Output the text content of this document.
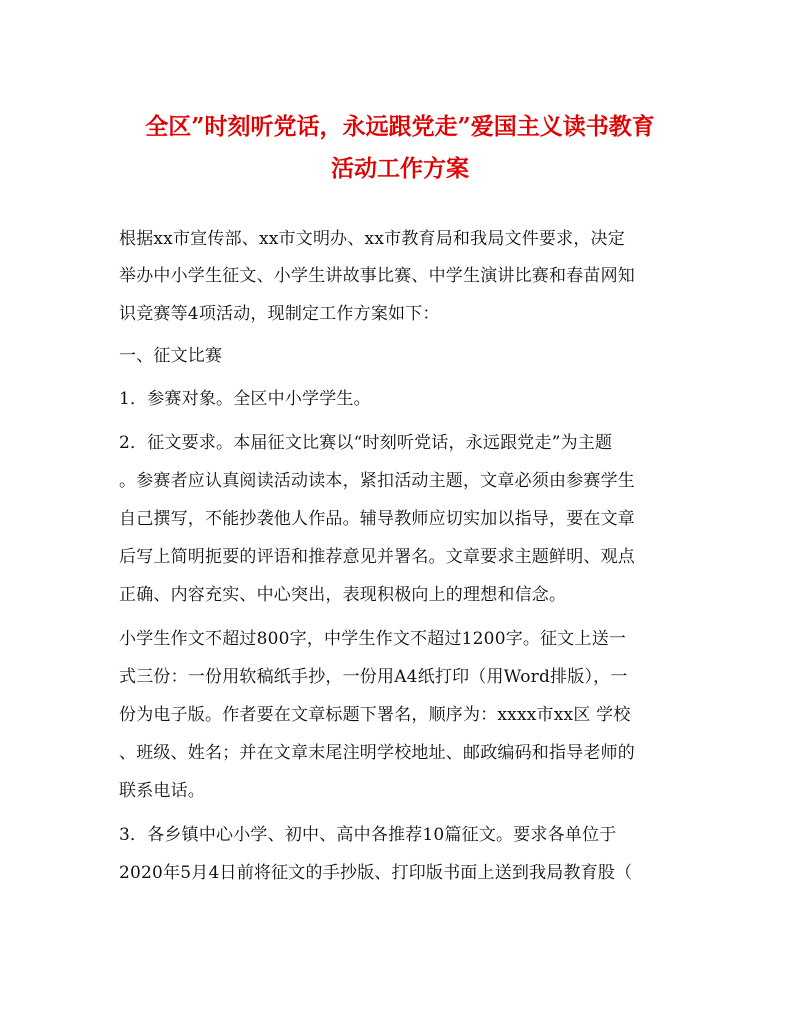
全区”时刻听党话，永远跟党走”爱国主义读书教育
活动工作方案
根据xx市宣传部、xx市文明办、xx市教育局和我局文件要求，决定
举办中小学生征文、小学生讲故事比赛、中学生演讲比赛和春苗网知
识竞赛等4项活动，现制定工作方案如下：
一、征文比赛
1．参赛对象。全区中小学学生。
2．征文要求。本届征文比赛以“时刻听党话，永远跟党走”为主题
。参赛者应认真阅读活动读本，紧扣活动主题，文章必须由参赛学生
自己撰写，不能抄袭他人作品。辅导教师应切实加以指导，要在文章
后写上简明扼要的评语和推荐意见并署名。文章要求主题鲜明、观点
正确、内容充实、中心突出，表现积极向上的理想和信念。
小学生作文不超过800字，中学生作文不超过1200字。征文上送一
式三份：一份用软稿纸手抄，一份用A4纸打印（用Word排版），一
份为电子版。作者要在文章标题下署名，顺序为：xxxx市xx区 学校
、班级、姓名；并在文章末尾注明学校地址、邮政编码和指导老师的
联系电话。
3．各乡镇中心小学、初中、高中各推荐10篇征文。要求各单位于
2020年5月4日前将征文的手抄版、打印版书面上送到我局教育股（
